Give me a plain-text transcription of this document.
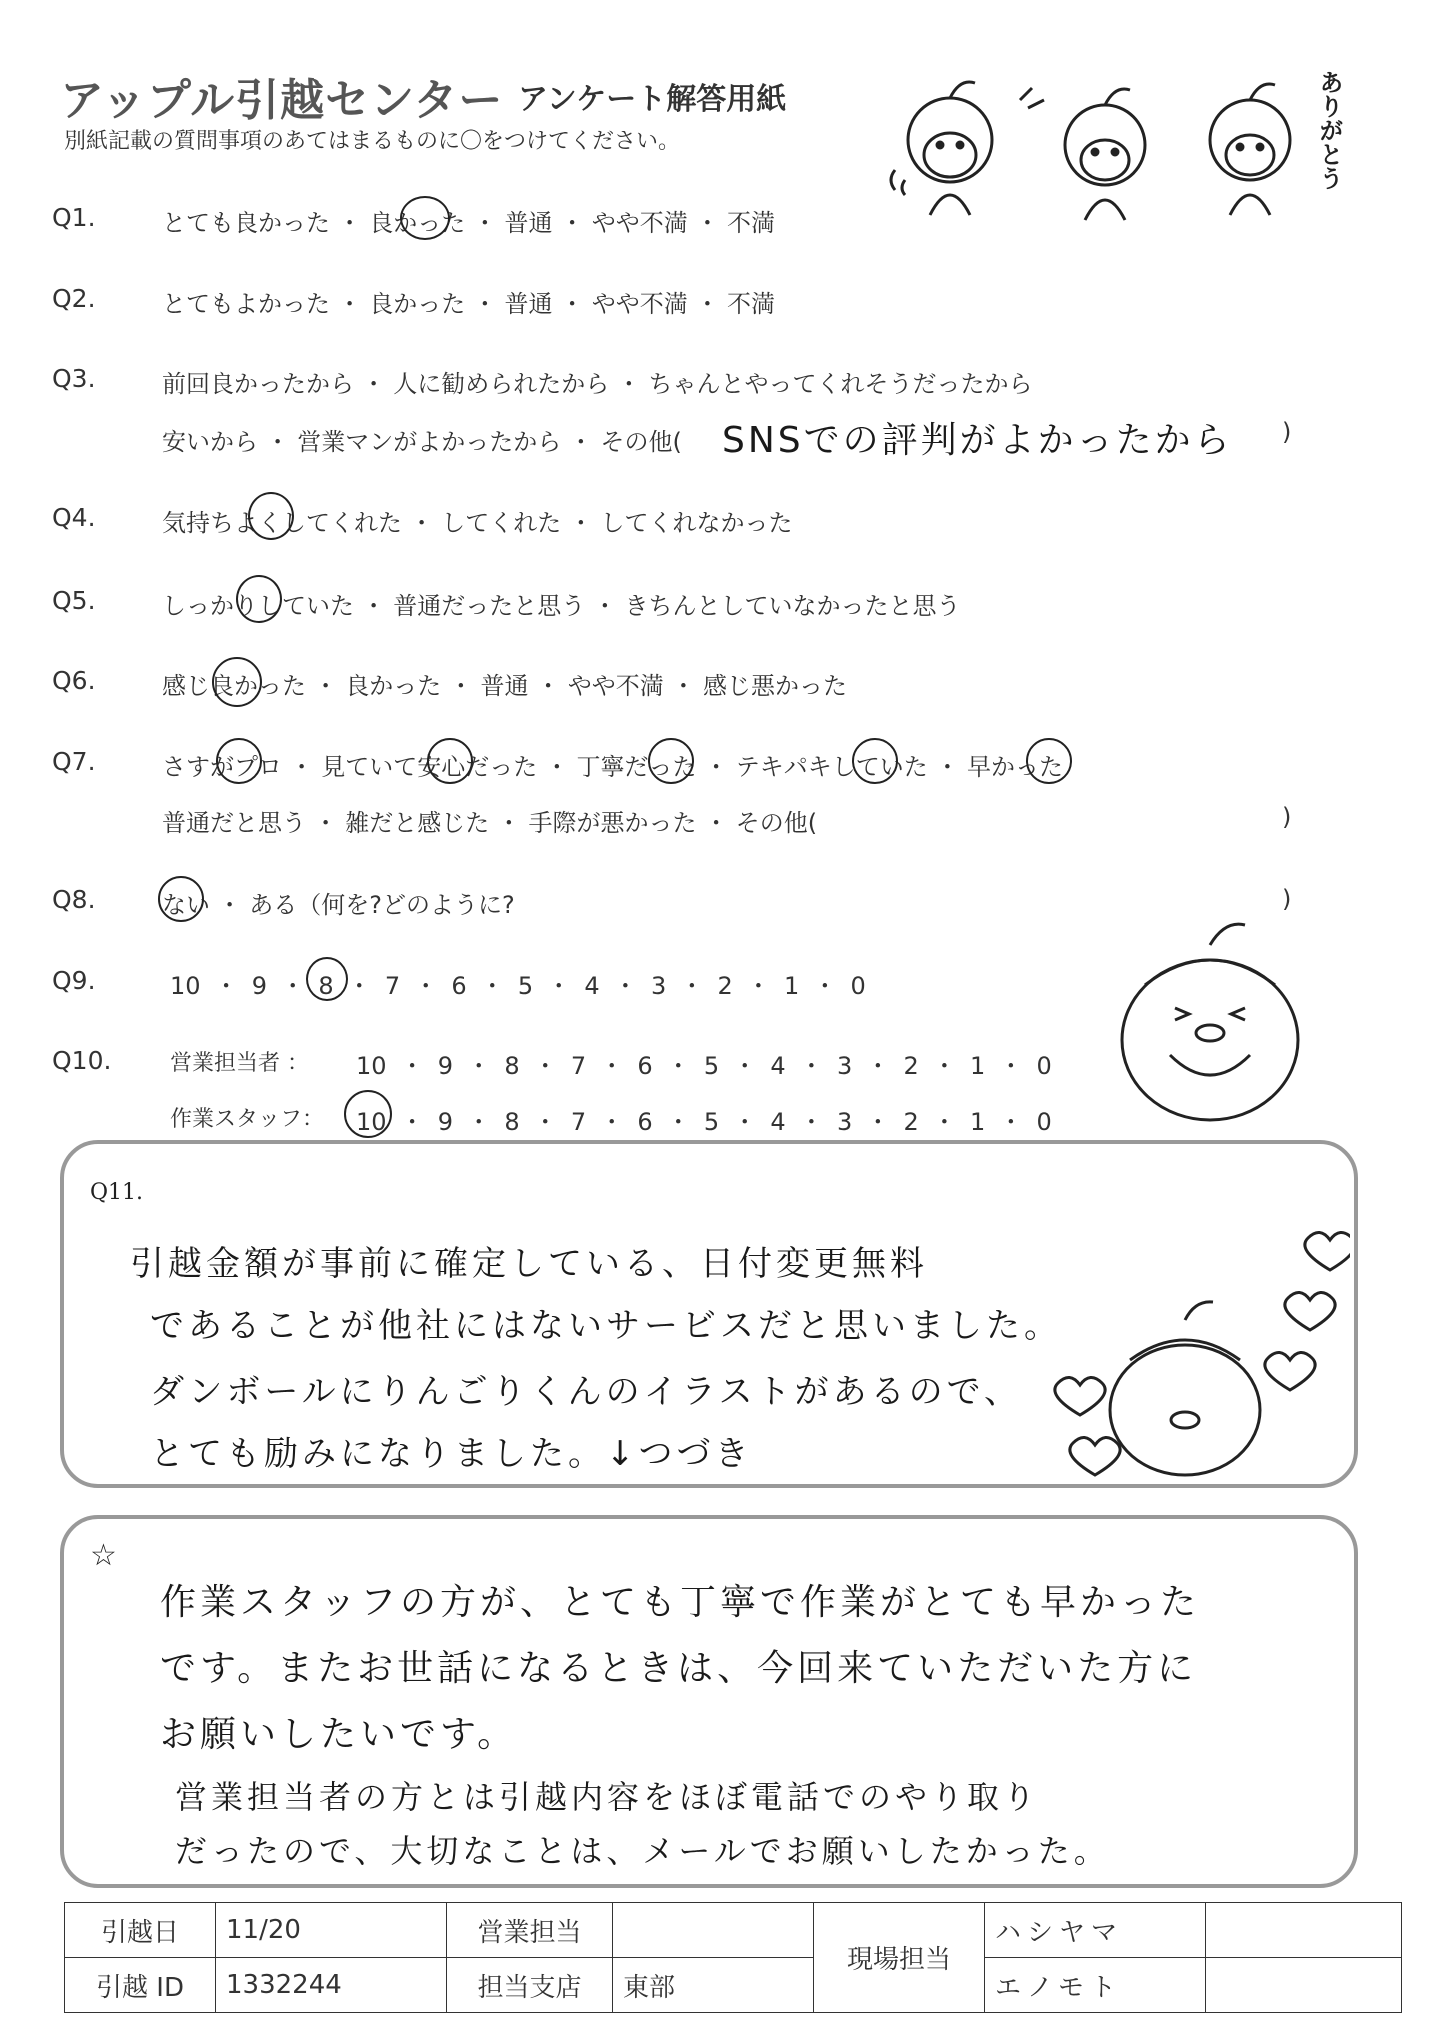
アップル引越センター アンケート解答用紙
別紙記載の質問事項のあてはまるものに〇をつけてください。	ありがとう
Q1.	とても良かった ・ 良かった ・ 普通 ・ やや不満 ・ 不満
Q2.	とてもよかった ・ 良かった ・ 普通 ・ やや不満 ・ 不満
Q3.	前回良かったから ・ 人に勧められたから ・ ちゃんとやってくれそうだったから
安いから ・ 営業マンがよかったから ・ その他( SNSでの評判がよかったから )
Q4.	気持ちよくしてくれた ・ してくれた ・ してくれなかった
Q5.	しっかりしていた ・ 普通だったと思う ・ きちんとしていなかったと思う
Q6.	感じ良かった ・ 良かった ・ 普通 ・ やや不満 ・ 感じ悪かった
Q7.	さすがプロ ・ 見ていて安心だった ・ 丁寧だった ・ テキパキしていた ・ 早かった
普通だと思う ・ 雑だと感じた ・ 手際が悪かった ・ その他(	)
Q8.	ない ・ ある（何を?どのように?	)
Q9.	10 ・ 9 ・ 8 ・ 7 ・ 6 ・ 5 ・ 4 ・ 3 ・ 2 ・ 1 ・ 0
Q10.	営業担当者 ： 10 ・ 9 ・ 8 ・ 7 ・ 6 ・ 5 ・ 4 ・ 3 ・ 2 ・ 1 ・ 0
作業スタッフ： 10 ・ 9 ・ 8 ・ 7 ・ 6 ・ 5 ・ 4 ・ 3 ・ 2 ・ 1 ・ 0
Q11.
引越金額が事前に確定している、日付変更無料
であることが他社にはないサービスだと思いました。
ダンボールにりんごりくんのイラストがあるので、
とても励みになりました。↓つづき
☆
作業スタッフの方が、とても丁寧で作業がとても早かった
です。またお世話になるときは、今回来ていただいた方に
お願いしたいです。
営業担当者の方とは引越内容をほぼ電話でのやり取り
だったので、大切なことは、メールでお願いしたかった。
引越日	11/20	営業担当		現場担当	ハシヤマ	
引越 ID	1332244	担当支店	東部		エノモト	
